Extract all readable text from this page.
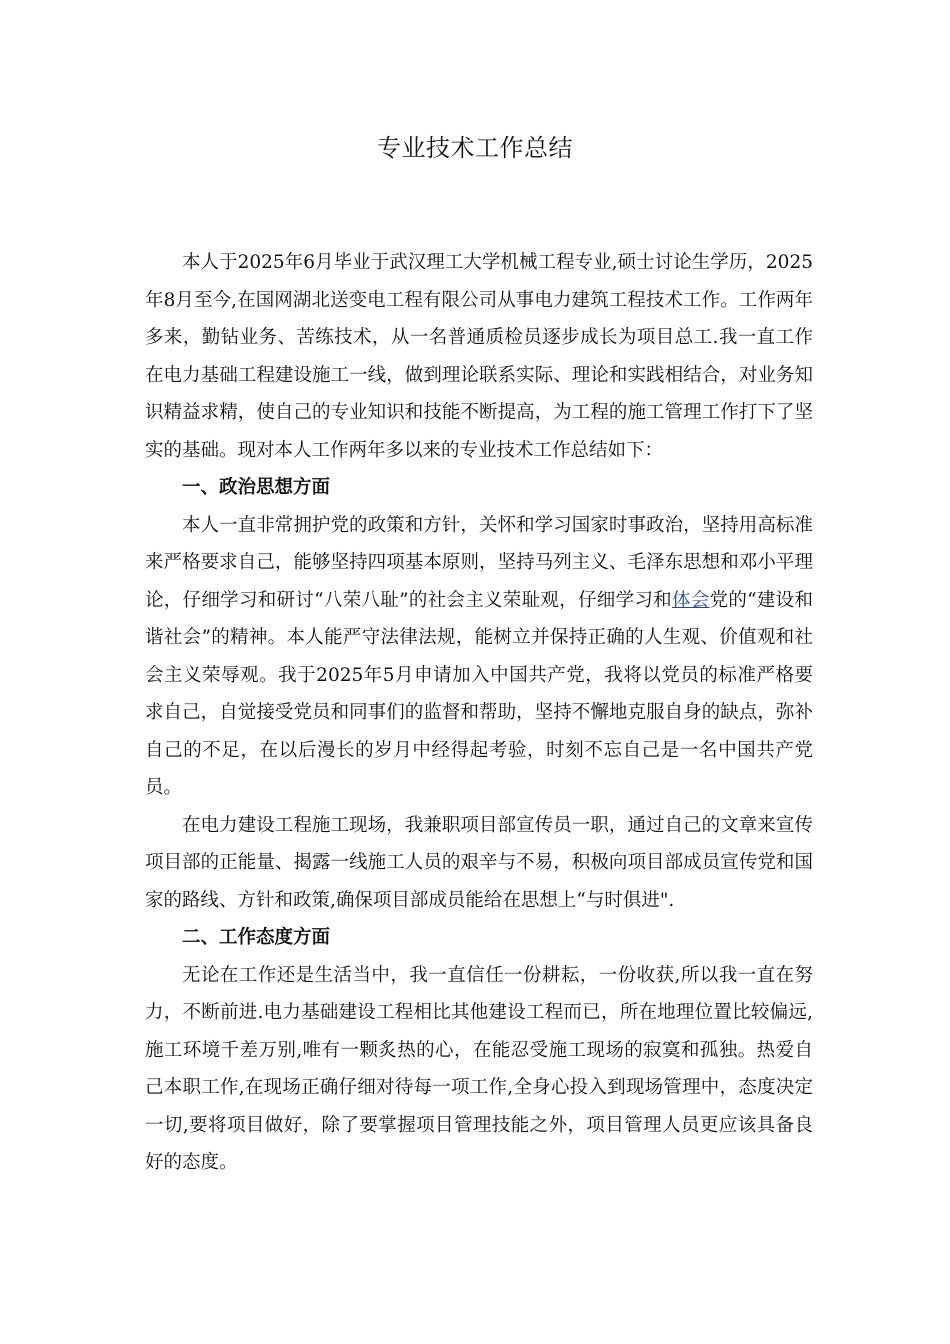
专业技术工作总结

本人于2025年6月毕业于武汉理工大学机械工程专业,硕士讨论生学历，2025年8月至今,在国网湖北送变电工程有限公司从事电力建筑工程技术工作。工作两年多来，勤钻业务、苦练技术，从一名普通质检员逐步成长为项目总工.我一直工作在电力基础工程建设施工一线，做到理论联系实际、理论和实践相结合，对业务知识精益求精，使自己的专业知识和技能不断提高，为工程的施工管理工作打下了坚实的基础。现对本人工作两年多以来的专业技术工作总结如下：

一、政治思想方面

本人一直非常拥护党的政策和方针，关怀和学习国家时事政治，坚持用高标准来严格要求自己，能够坚持四项基本原则，坚持马列主义、毛泽东思想和邓小平理论，仔细学习和研讨“八荣八耻”的社会主义荣耻观，仔细学习和体会党的“建设和谐社会”的精神。本人能严守法律法规，能树立并保持正确的人生观、价值观和社会主义荣辱观。我于2025年5月申请加入中国共产党，我将以党员的标准严格要求自己，自觉接受党员和同事们的监督和帮助，坚持不懈地克服自身的缺点，弥补自己的不足，在以后漫长的岁月中经得起考验，时刻不忘自己是一名中国共产党员。

在电力建设工程施工现场，我兼职项目部宣传员一职，通过自己的文章来宣传项目部的正能量、揭露一线施工人员的艰辛与不易，积极向项目部成员宣传党和国家的路线、方针和政策,确保项目部成员能给在思想上“与时俱进".

二、工作态度方面

无论在工作还是生活当中，我一直信任一份耕耘，一份收获,所以我一直在努力，不断前进.电力基础建设工程相比其他建设工程而已，所在地理位置比较偏远,施工环境千差万别,唯有一颗炙热的心，在能忍受施工现场的寂寞和孤独。热爱自己本职工作,在现场正确仔细对待每一项工作,全身心投入到现场管理中，态度决定一切,要将项目做好，除了要掌握项目管理技能之外，项目管理人员更应该具备良好的态度。
